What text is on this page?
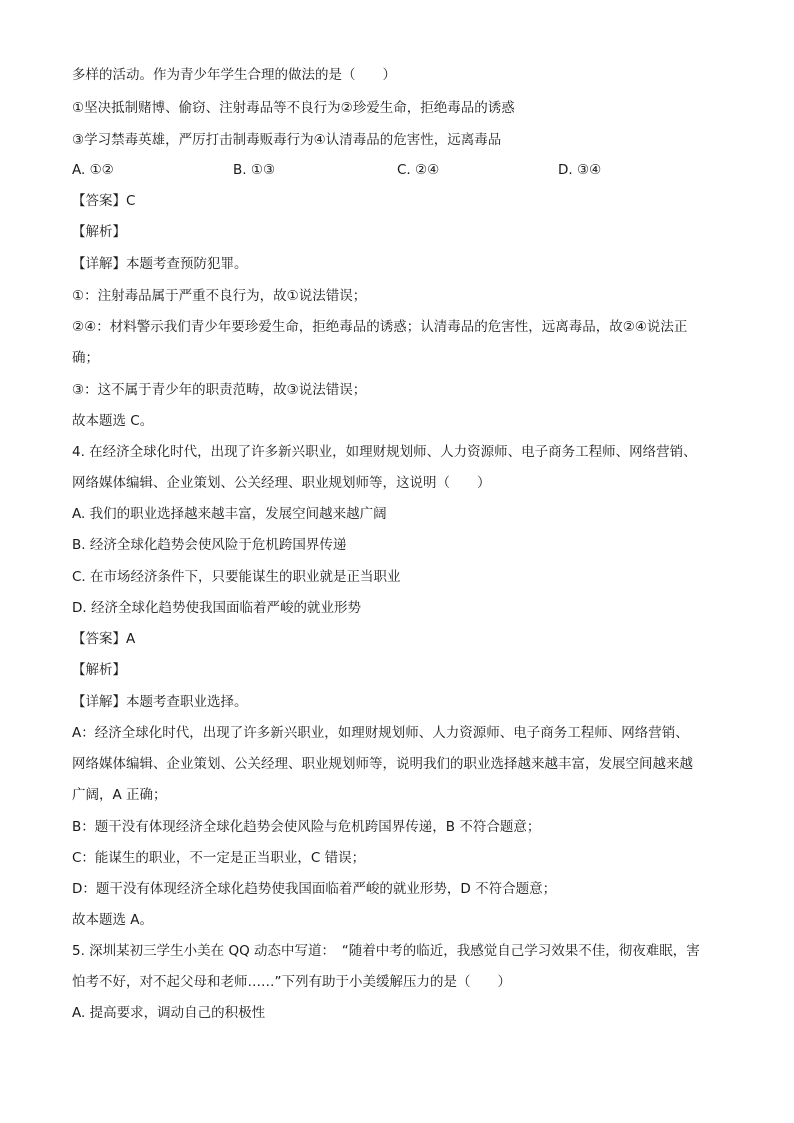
多样的活动。作为青少年学生合理的做法的是（　　）
①坚决抵制赌博、偷窃、注射毒品等不良行为②珍爱生命，拒绝毒品的诱惑
③学习禁毒英雄，严厉打击制毒贩毒行为④认清毒品的危害性，远离毒品
A. ①②	B. ①③	C. ②④	D. ③④
【答案】C
【解析】
【详解】本题考查预防犯罪。
①：注射毒品属于严重不良行为，故①说法错误；
②④：材料警示我们青少年要珍爱生命，拒绝毒品的诱惑；认清毒品的危害性，远离毒品，故②④说法正
确；
③：这不属于青少年的职责范畴，故③说法错误；
故本题选 C。
4. 在经济全球化时代，出现了许多新兴职业，如理财规划师、人力资源师、电子商务工程师、网络营销、
网络媒体编辑、企业策划、公关经理、职业规划师等，这说明（　　）
A. 我们的职业选择越来越丰富，发展空间越来越广阔
B. 经济全球化趋势会使风险于危机跨国界传递
C. 在市场经济条件下，只要能谋生的职业就是正当职业
D. 经济全球化趋势使我国面临着严峻的就业形势
【答案】A
【解析】
【详解】本题考查职业选择。
A：经济全球化时代，出现了许多新兴职业，如理财规划师、人力资源师、电子商务工程师、网络营销、
网络媒体编辑、企业策划、公关经理、职业规划师等，说明我们的职业选择越来越丰富，发展空间越来越
广阔，A 正确；
B：题干没有体现经济全球化趋势会使风险与危机跨国界传递，B 不符合题意；
C：能谋生的职业，不一定是正当职业，C 错误；
D：题干没有体现经济全球化趋势使我国面临着严峻的就业形势，D 不符合题意；
故本题选 A。
5. 深圳某初三学生小美在 QQ 动态中写道：　“随着中考的临近，我感觉自己学习效果不佳，彻夜难眠，害
怕考不好，对不起父母和老师……”下列有助于小美缓解压力的是（　　）
A. 提高要求，调动自己的积极性
